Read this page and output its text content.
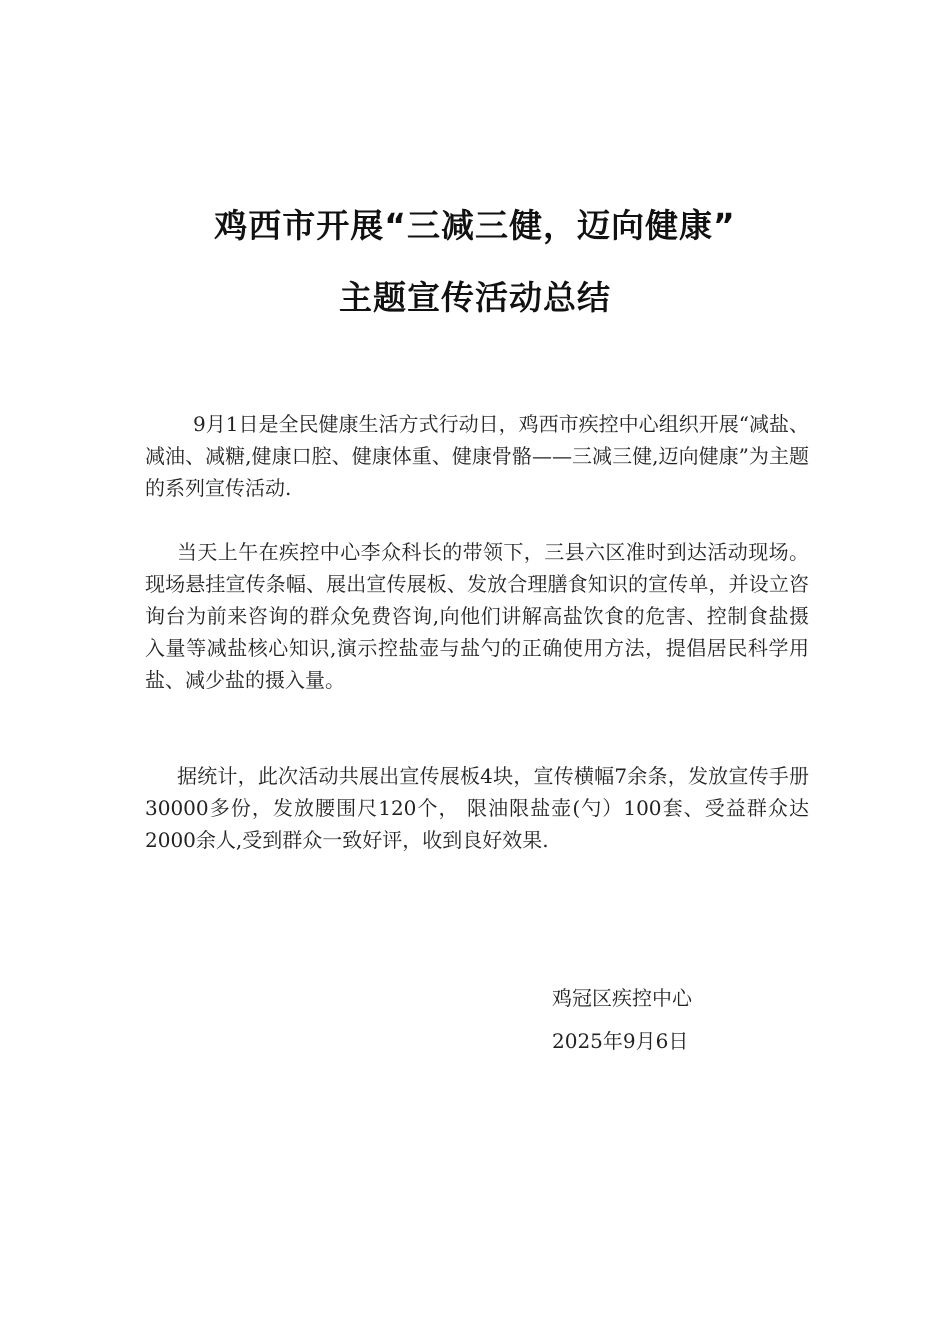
鸡西市开展“三减三健，迈向健康”
主题宣传活动总结

9月1日是全民健康生活方式行动日，鸡西市疾控中心组织开展“减盐、减油、减糖,健康口腔、健康体重、健康骨骼——三减三健,迈向健康”为主题的系列宣传活动.

当天上午在疾控中心李众科长的带领下，三县六区准时到达活动现场。现场悬挂宣传条幅、展出宣传展板、发放合理膳食知识的宣传单，并设立咨询台为前来咨询的群众免费咨询,向他们讲解高盐饮食的危害、控制食盐摄入量等减盐核心知识,演示控盐壶与盐勺的正确使用方法，提倡居民科学用盐、减少盐的摄入量。

据统计，此次活动共展出宣传展板4块，宣传横幅7余条，发放宣传手册30000多份，发放腰围尺120个， 限油限盐壶(勺）100套、受益群众达2000余人,受到群众一致好评，收到良好效果.

鸡冠区疾控中心
2025年9月6日
